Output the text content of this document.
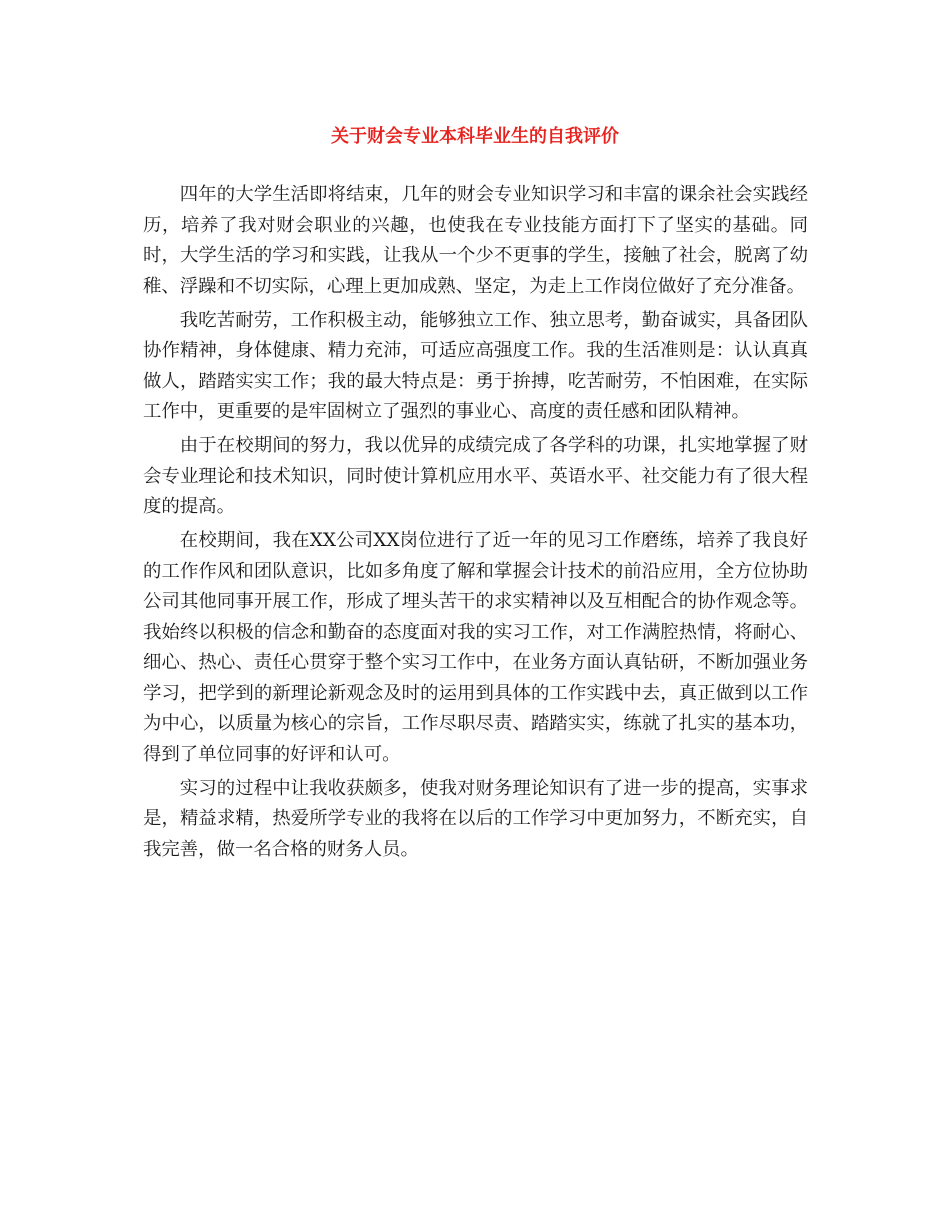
关于财会专业本科毕业生的自我评价

四年的大学生活即将结束，几年的财会专业知识学习和丰富的课余社会实践经历，培养了我对财会职业的兴趣，也使我在专业技能方面打下了坚实的基础。同时，大学生活的学习和实践，让我从一个少不更事的学生，接触了社会，脱离了幼稚、浮躁和不切实际，心理上更加成熟、坚定，为走上工作岗位做好了充分准备。

我吃苦耐劳，工作积极主动，能够独立工作、独立思考，勤奋诚实，具备团队协作精神，身体健康、精力充沛，可适应高强度工作。我的生活准则是：认认真真做人，踏踏实实工作；我的最大特点是：勇于拚搏，吃苦耐劳，不怕困难，在实际工作中，更重要的是牢固树立了强烈的事业心、高度的责任感和团队精神。

由于在校期间的努力，我以优异的成绩完成了各学科的功课，扎实地掌握了财会专业理论和技术知识，同时使计算机应用水平、英语水平、社交能力有了很大程度的提高。

在校期间，我在XX公司XX岗位进行了近一年的见习工作磨练，培养了我良好的工作作风和团队意识，比如多角度了解和掌握会计技术的前沿应用，全方位协助公司其他同事开展工作，形成了埋头苦干的求实精神以及互相配合的协作观念等。我始终以积极的信念和勤奋的态度面对我的实习工作，对工作满腔热情，将耐心、细心、热心、责任心贯穿于整个实习工作中，在业务方面认真钻研，不断加强业务学习，把学到的新理论新观念及时的运用到具体的工作实践中去，真正做到以工作为中心，以质量为核心的宗旨，工作尽职尽责、踏踏实实，练就了扎实的基本功，得到了单位同事的好评和认可。

实习的过程中让我收获颇多，使我对财务理论知识有了进一步的提高，实事求是，精益求精，热爱所学专业的我将在以后的工作学习中更加努力，不断充实，自我完善，做一名合格的财务人员。
